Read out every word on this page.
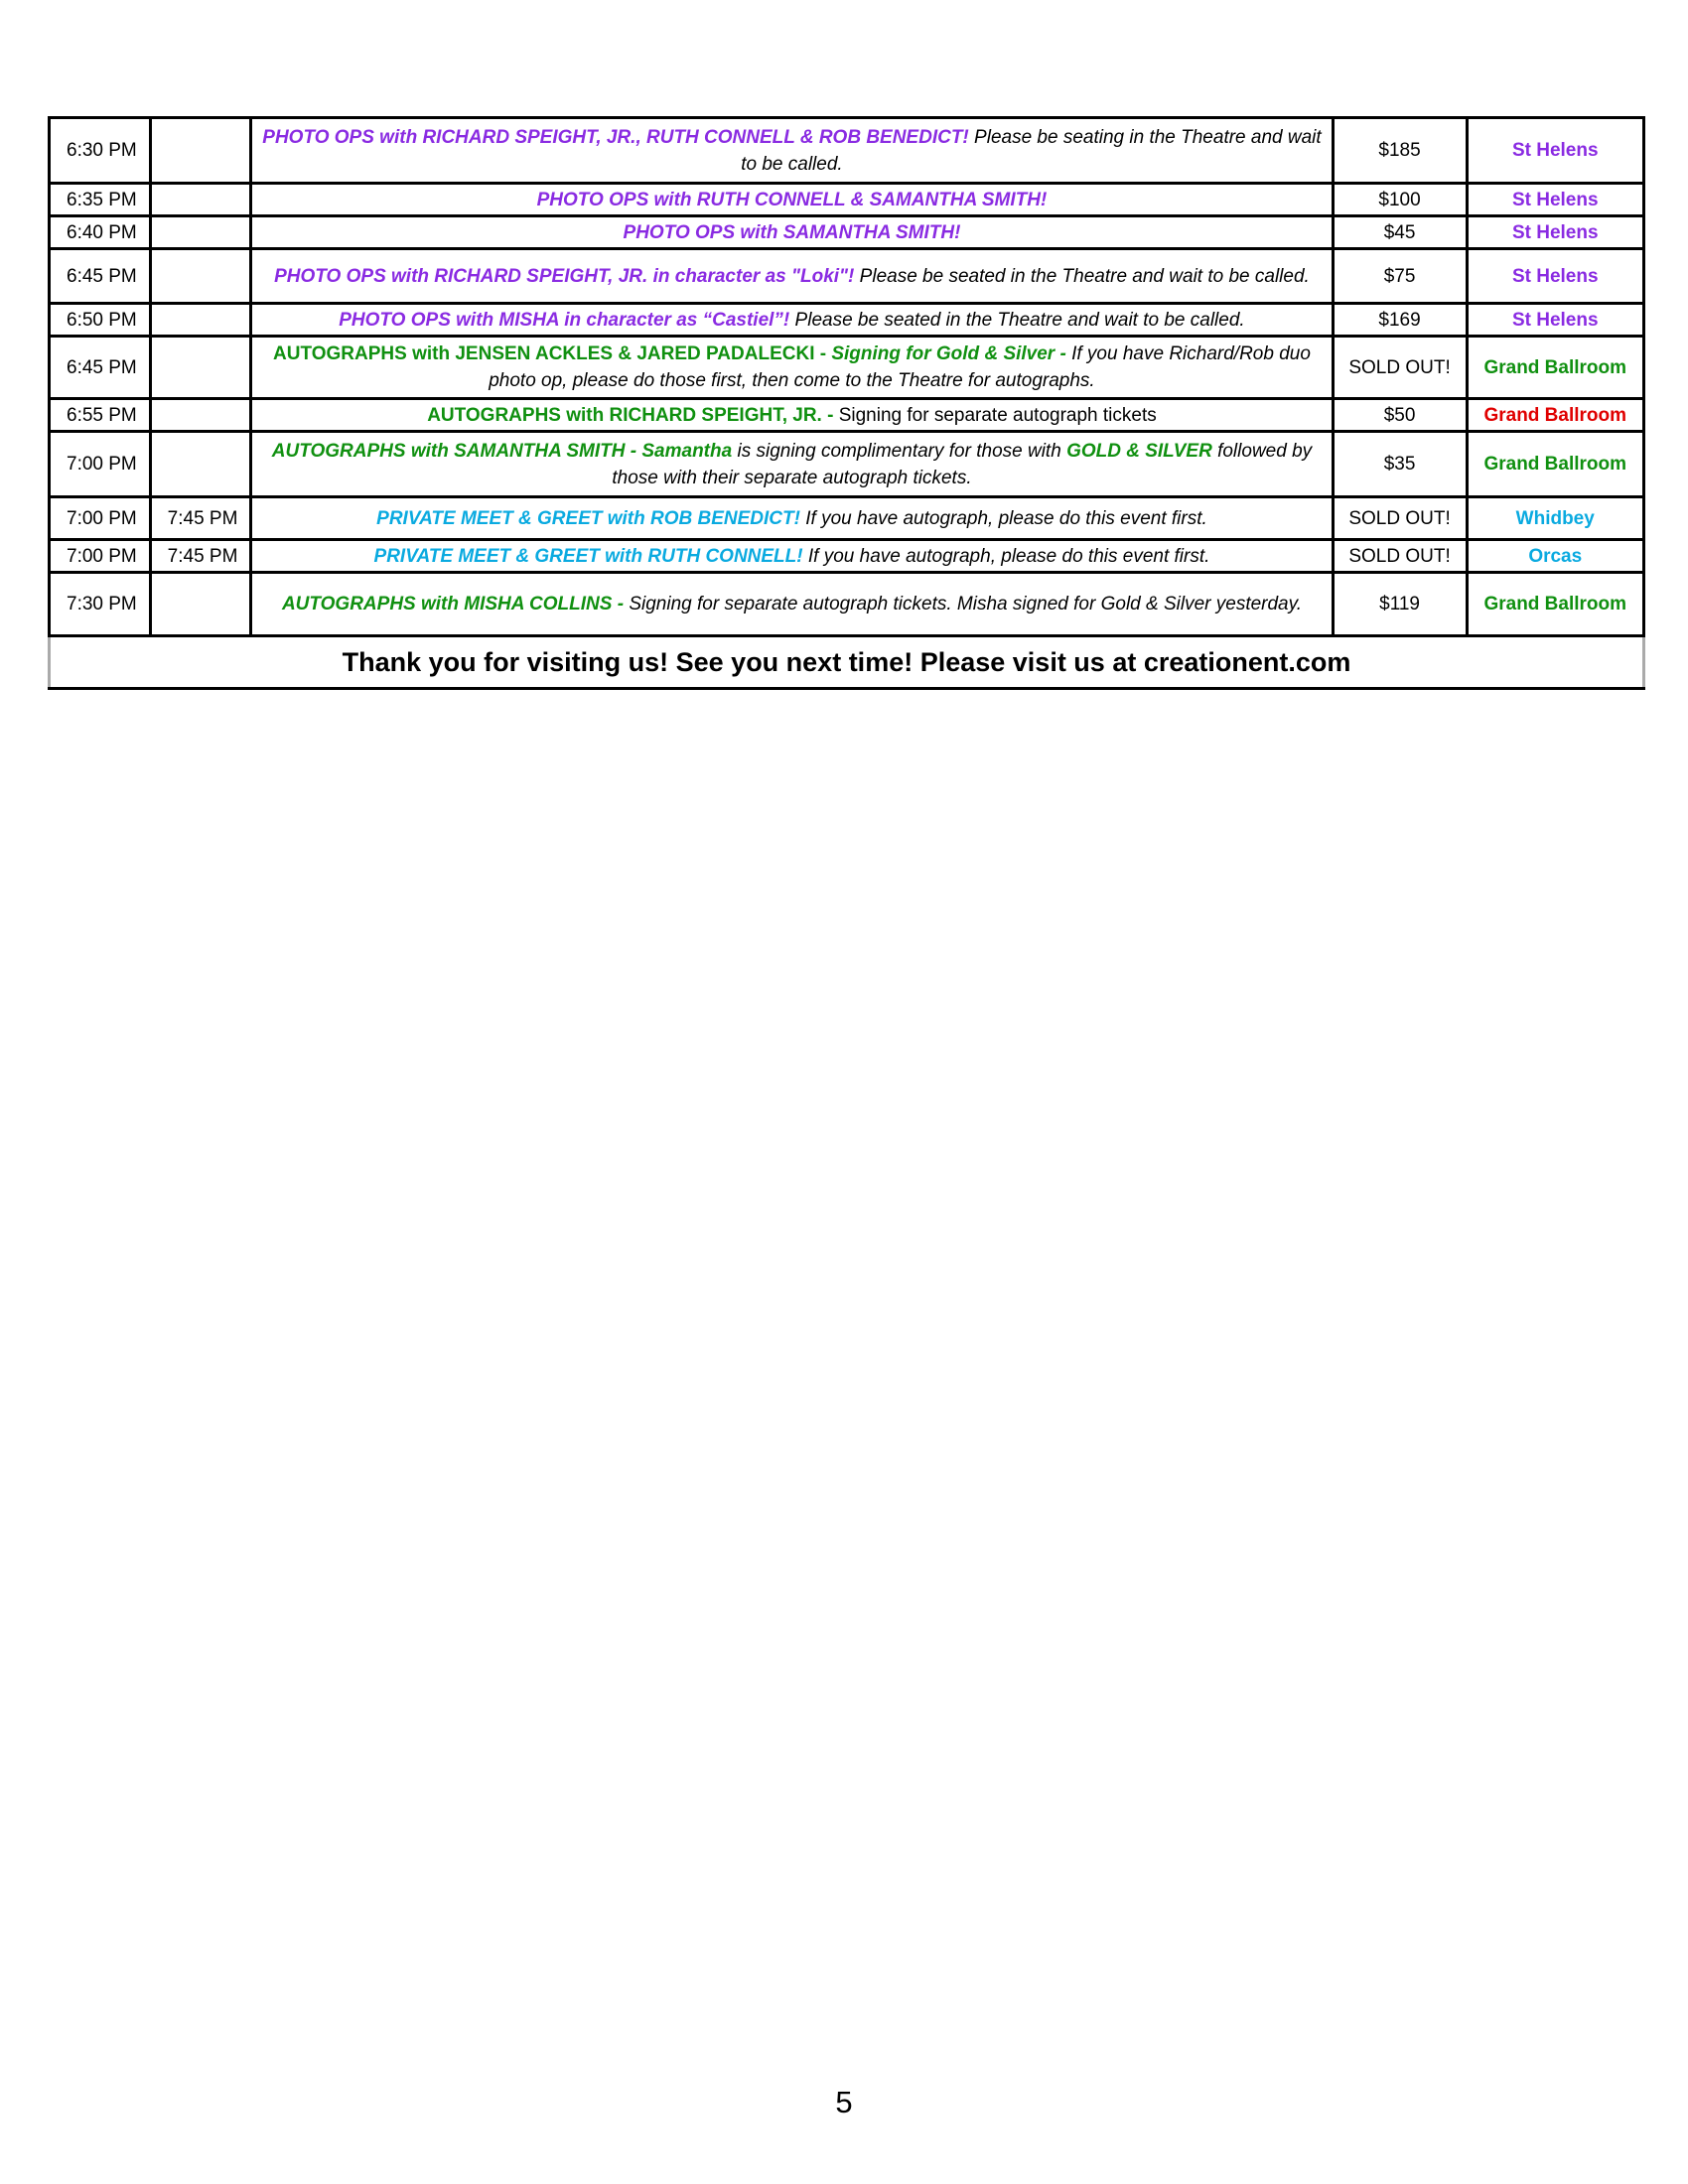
6:30 PM		PHOTO OPS with RICHARD SPEIGHT, JR., RUTH CONNELL & ROB BENEDICT! Please be seating in the Theatre and wait to be called.	$185	St Helens
6:35 PM		PHOTO OPS with RUTH CONNELL & SAMANTHA SMITH!	$100	St Helens
6:40 PM		PHOTO OPS with SAMANTHA SMITH!	$45	St Helens
6:45 PM		PHOTO OPS with RICHARD SPEIGHT, JR. in character as "Loki"! Please be seated in the Theatre and wait to be called.	$75	St Helens
6:50 PM		PHOTO OPS with MISHA in character as “Castiel”! Please be seated in the Theatre and wait to be called.	$169	St Helens
6:45 PM		AUTOGRAPHS with JENSEN ACKLES & JARED PADALECKI - Signing for Gold & Silver - If you have Richard/Rob duo photo op, please do those first, then come to the Theatre for autographs.	SOLD OUT!	Grand Ballroom
6:55 PM		AUTOGRAPHS with RICHARD SPEIGHT, JR. - Signing for separate autograph tickets	$50	Grand Ballroom
7:00 PM		AUTOGRAPHS with SAMANTHA SMITH - Samantha is signing complimentary for those with GOLD & SILVER followed by those with their separate autograph tickets.	$35	Grand Ballroom
7:00 PM	7:45 PM	PRIVATE MEET & GREET with ROB BENEDICT! If you have autograph, please do this event first.	SOLD OUT!	Whidbey
7:00 PM	7:45 PM	PRIVATE MEET & GREET with RUTH CONNELL! If you have autograph, please do this event first.	SOLD OUT!	Orcas
7:30 PM		AUTOGRAPHS with MISHA COLLINS - Signing for separate autograph tickets. Misha signed for Gold & Silver yesterday.	$119	Grand Ballroom
Thank you for visiting us! See you next time! Please visit us at creationent.com				
5
